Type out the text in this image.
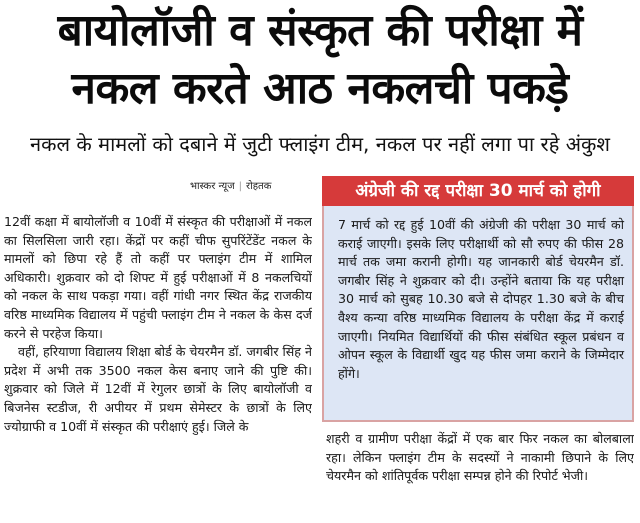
बायोलॉजी व संस्कृत की परीक्षा में
नकल करते आठ नकलची पकड़े
नकल के मामलों को दबाने में जुटी फ्लाइंग टीम, नकल पर नहीं लगा पा रहे अंकुश
भास्कर न्यूज | रोहतक

12वीं कक्षा में बायोलॉजी व 10वीं में संस्कृत की परीक्षाओं में नकल का सिलसिला जारी रहा। केंद्रों पर कहीं चीफ सुपरिंटेंडेंट नकल के मामलों को छिपा रहे हैं तो कहीं पर फ्लाइंग टीम में शामिल अधिकारी। शुक्रवार को दो शिफ्ट में हुई परीक्षाओं में 8 नकलचियों को नकल के साथ पकड़ा गया। वहीं गांधी नगर स्थित केंद्र राजकीय वरिष्ठ माध्यमिक विद्यालय में पहुंची फ्लाइंग टीम ने नकल के केस दर्ज करने से परहेज किया।

वहीं, हरियाणा विद्यालय शिक्षा बोर्ड के चेयरमैन डॉ. जगबीर सिंह ने प्रदेश में अभी तक 3500 नकल केस बनाए जाने की पुष्टि की। शुक्रवार को जिले में 12वीं में रेगुलर छात्रों के लिए बायोलॉजी व बिजनेस स्टडीज, री अपीयर में प्रथम सेमेस्टर के छात्रों के लिए ज्योग्राफी व 10वीं में संस्कृत की परीक्षाएं हुई। जिले के

अंग्रेजी की रद्द परीक्षा 30 मार्च को होगी

7 मार्च को रद्द हुई 10वीं की अंग्रेजी की परीक्षा 30 मार्च को कराई जाएगी। इसके लिए परीक्षार्थी को सौ रुपए की फीस 28 मार्च तक जमा करानी होगी। यह जानकारी बोर्ड चेयरमैन डॉ. जगबीर सिंह ने शुक्रवार को दी। उन्होंने बताया कि यह परीक्षा 30 मार्च को सुबह 10.30 बजे से दोपहर 1.30 बजे के बीच वैश्य कन्या वरिष्ठ माध्यमिक विद्यालय के परीक्षा केंद्र में कराई जाएगी। नियमित विद्यार्थियों की फीस संबंधित स्कूल प्रबंधन व ओपन स्कूल के विद्यार्थी खुद यह फीस जमा कराने के जिम्मेदार होंगे।

शहरी व ग्रामीण परीक्षा केंद्रों में एक बार फिर नकल का बोलबाला रहा। लेकिन फ्लाइंग टीम के सदस्यों ने नाकामी छिपाने के लिए चेयरमैन को शांतिपूर्वक परीक्षा सम्पन्न होने की रिपोर्ट भेजी।
